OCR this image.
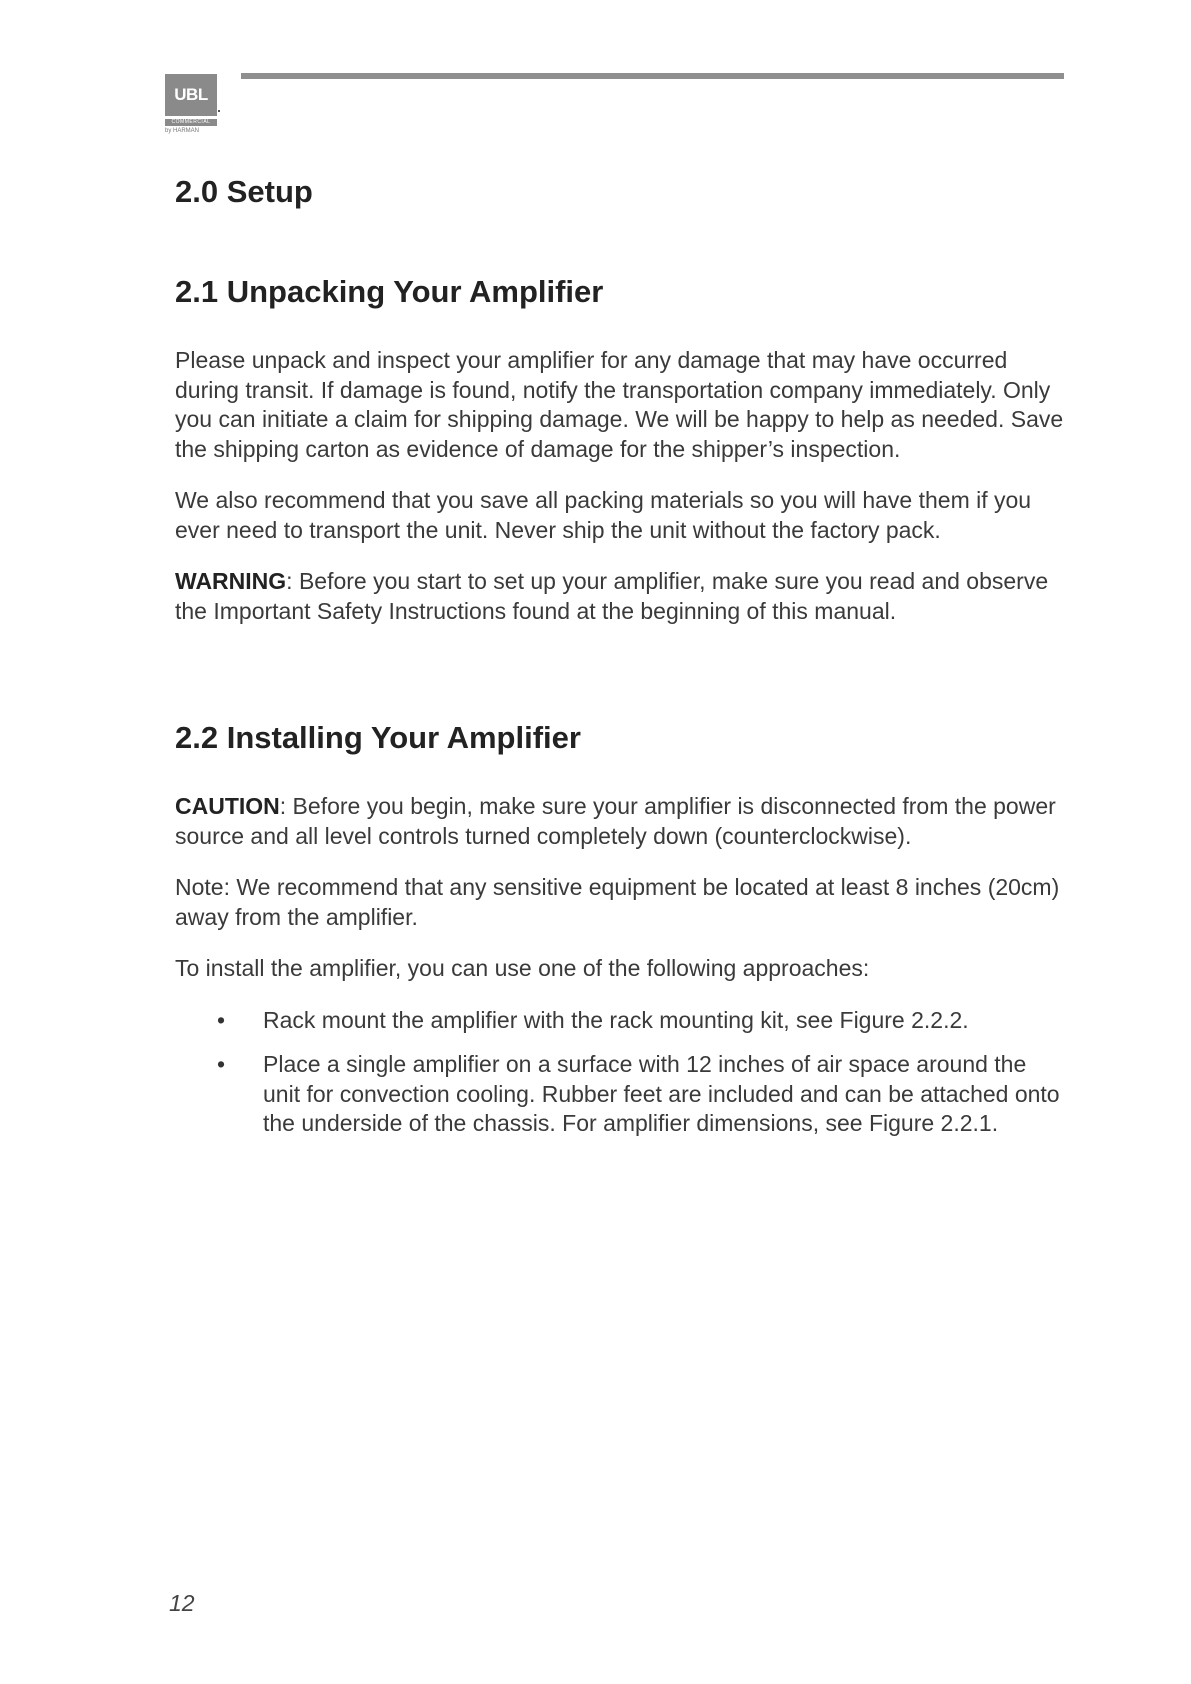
UBL
COMMERCIAL
by HARMAN
2.0 Setup
2.1 Unpacking Your Amplifier

Please unpack and inspect your amplifier for any damage that may have occurred during transit. If damage is found, notify the transportation company immediately. Only you can initiate a claim for shipping damage. We will be happy to help as needed. Save the shipping carton as evidence of damage for the shipper’s inspection.

We also recommend that you save all packing materials so you will have them if you ever need to transport the unit. Never ship the unit without the factory pack.

WARNING: Before you start to set up your amplifier, make sure you read and observe the Important Safety Instructions found at the beginning of this manual.

2.2 Installing Your Amplifier

CAUTION: Before you begin, make sure your amplifier is disconnected from the power source and all level controls turned completely down (counterclockwise).

Note: We recommend that any sensitive equipment be located at least 8 inches (20cm) away from the amplifier.

To install the amplifier, you can use one of the following approaches:

• Rack mount the amplifier with the rack mounting kit, see Figure 2.2.2.
• Place a single amplifier on a surface with 12 inches of air space around the unit for convection cooling. Rubber feet are included and can be attached onto the underside of the chassis. For amplifier dimensions, see Figure 2.2.1.
12
